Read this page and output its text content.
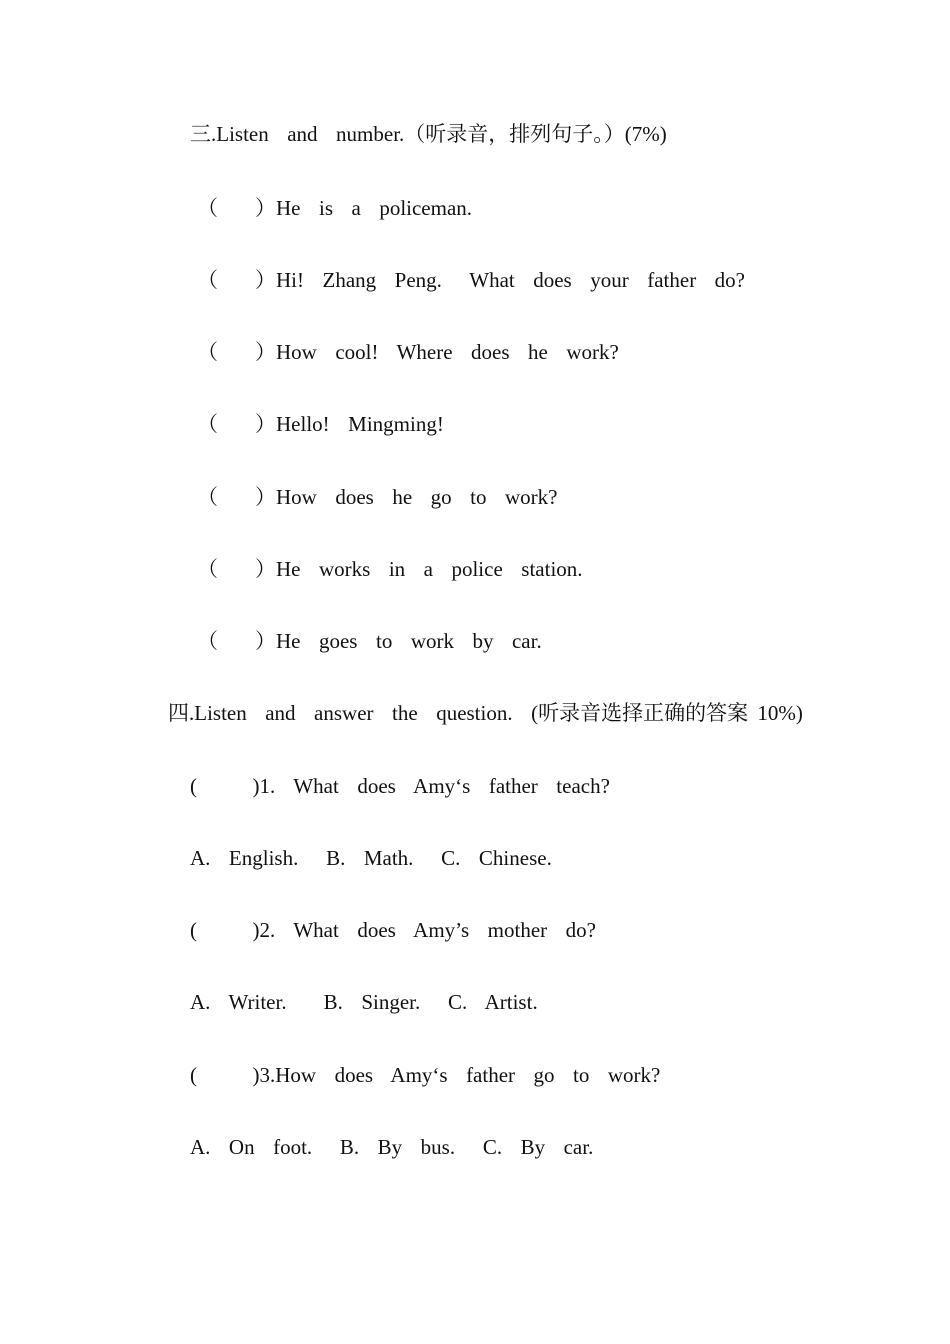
三.Listen  and  number.（听录音，排列句子。）(7%)
（    ）He  is  a  policeman.
（    ）Hi!  Zhang  Peng.   What  does  your  father  do?
（    ）How  cool!  Where  does  he  work?
（    ）Hello!  Mingming!
（    ）How  does  he  go  to  work?
（    ）He  works  in  a  police  station.
（    ）He  goes  to  work  by  car.
四.Listen  and  answer  the  question.  (听录音选择正确的答案 10%)
(      )1.  What  does  Amy‘s  father  teach?
A.  English.   B.  Math.   C.  Chinese.
(      )2.  What  does  Amy’s  mother  do?
A.  Writer.    B.  Singer.   C.  Artist.
(      )3.How  does  Amy‘s  father  go  to  work?
A.  On  foot.   B.  By  bus.   C.  By  car.
